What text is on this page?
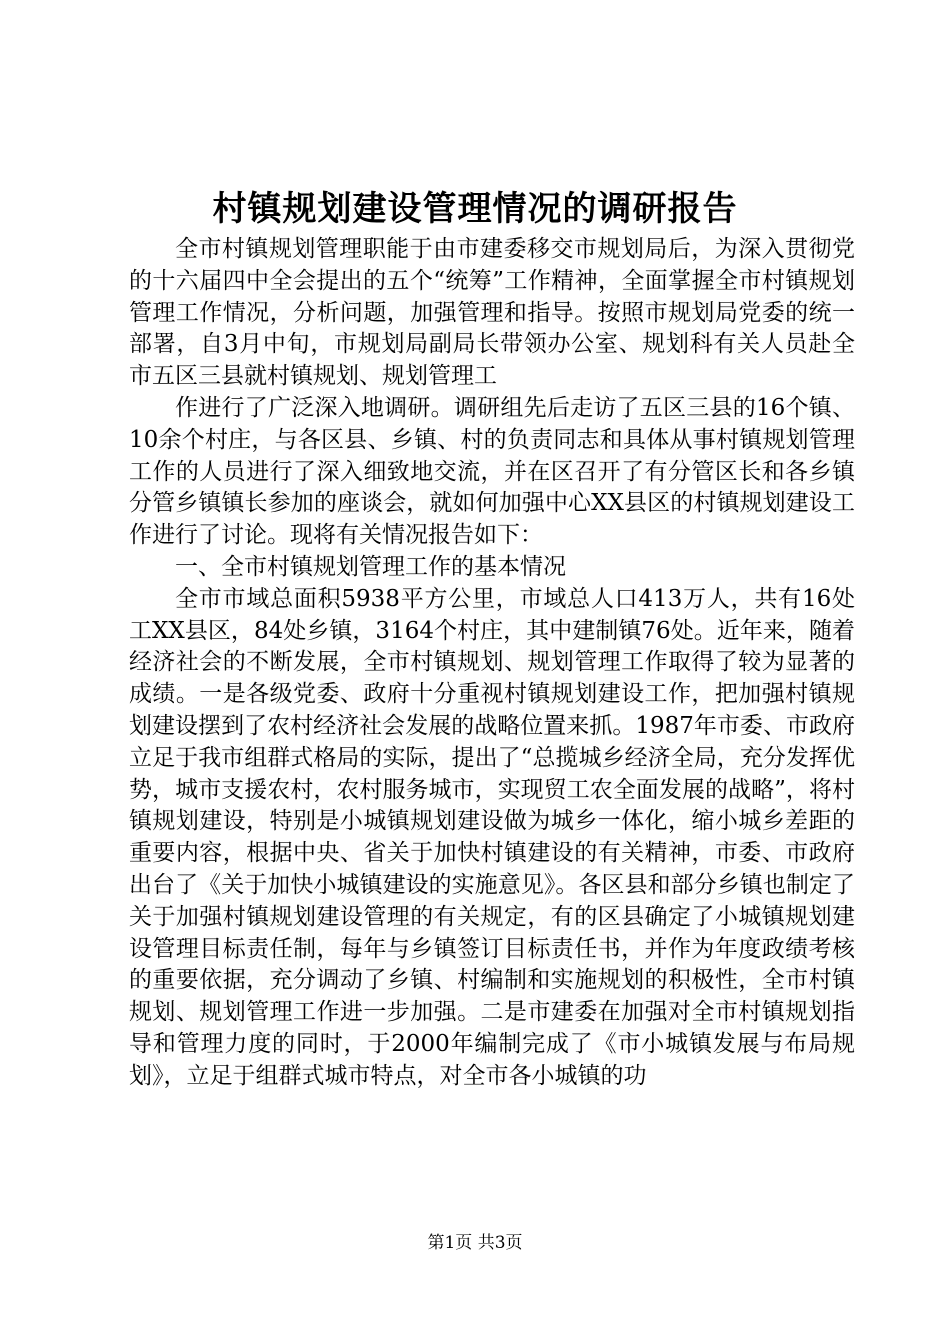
村镇规划建设管理情况的调研报告

全市村镇规划管理职能于由市建委移交市规划局后，为深入贯彻党的十六届四中全会提出的五个“统筹”工作精神，全面掌握全市村镇规划管理工作情况，分析问题，加强管理和指导。按照市规划局党委的统一部署，自3月中旬，市规划局副局长带领办公室、规划科有关人员赴全市五区三县就村镇规划、规划管理工

作进行了广泛深入地调研。调研组先后走访了五区三县的16个镇、10余个村庄，与各区县、乡镇、村的负责同志和具体从事村镇规划管理工作的人员进行了深入细致地交流，并在区召开了有分管区长和各乡镇分管乡镇镇长参加的座谈会，就如何加强中心XX县区的村镇规划建设工作进行了讨论。现将有关情况报告如下：

一、全市村镇规划管理工作的基本情况

全市市域总面积5938平方公里，市域总人口413万人，共有16处工XX县区，84处乡镇，3164个村庄，其中建制镇76处。近年来，随着经济社会的不断发展，全市村镇规划、规划管理工作取得了较为显著的成绩。一是各级党委、政府十分重视村镇规划建设工作，把加强村镇规划建设摆到了农村经济社会发展的战略位置来抓。1987年市委、市政府立足于我市组群式格局的实际，提出了“总揽城乡经济全局，充分发挥优势，城市支援农村，农村服务城市，实现贸工农全面发展的战略”，将村镇规划建设，特别是小城镇规划建设做为城乡一体化，缩小城乡差距的重要内容，根据中央、省关于加快村镇建设的有关精神，市委、市政府出台了《关于加快小城镇建设的实施意见》。各区县和部分乡镇也制定了关于加强村镇规划建设管理的有关规定，有的区县确定了小城镇规划建设管理目标责任制，每年与乡镇签订目标责任书，并作为年度政绩考核的重要依据，充分调动了乡镇、村编制和实施规划的积极性，全市村镇规划、规划管理工作进一步加强。二是市建委在加强对全市村镇规划指导和管理力度的同时，于2000年编制完成了《市小城镇发展与布局规划》，立足于组群式城市特点，对全市各小城镇的功

第1页 共3页
